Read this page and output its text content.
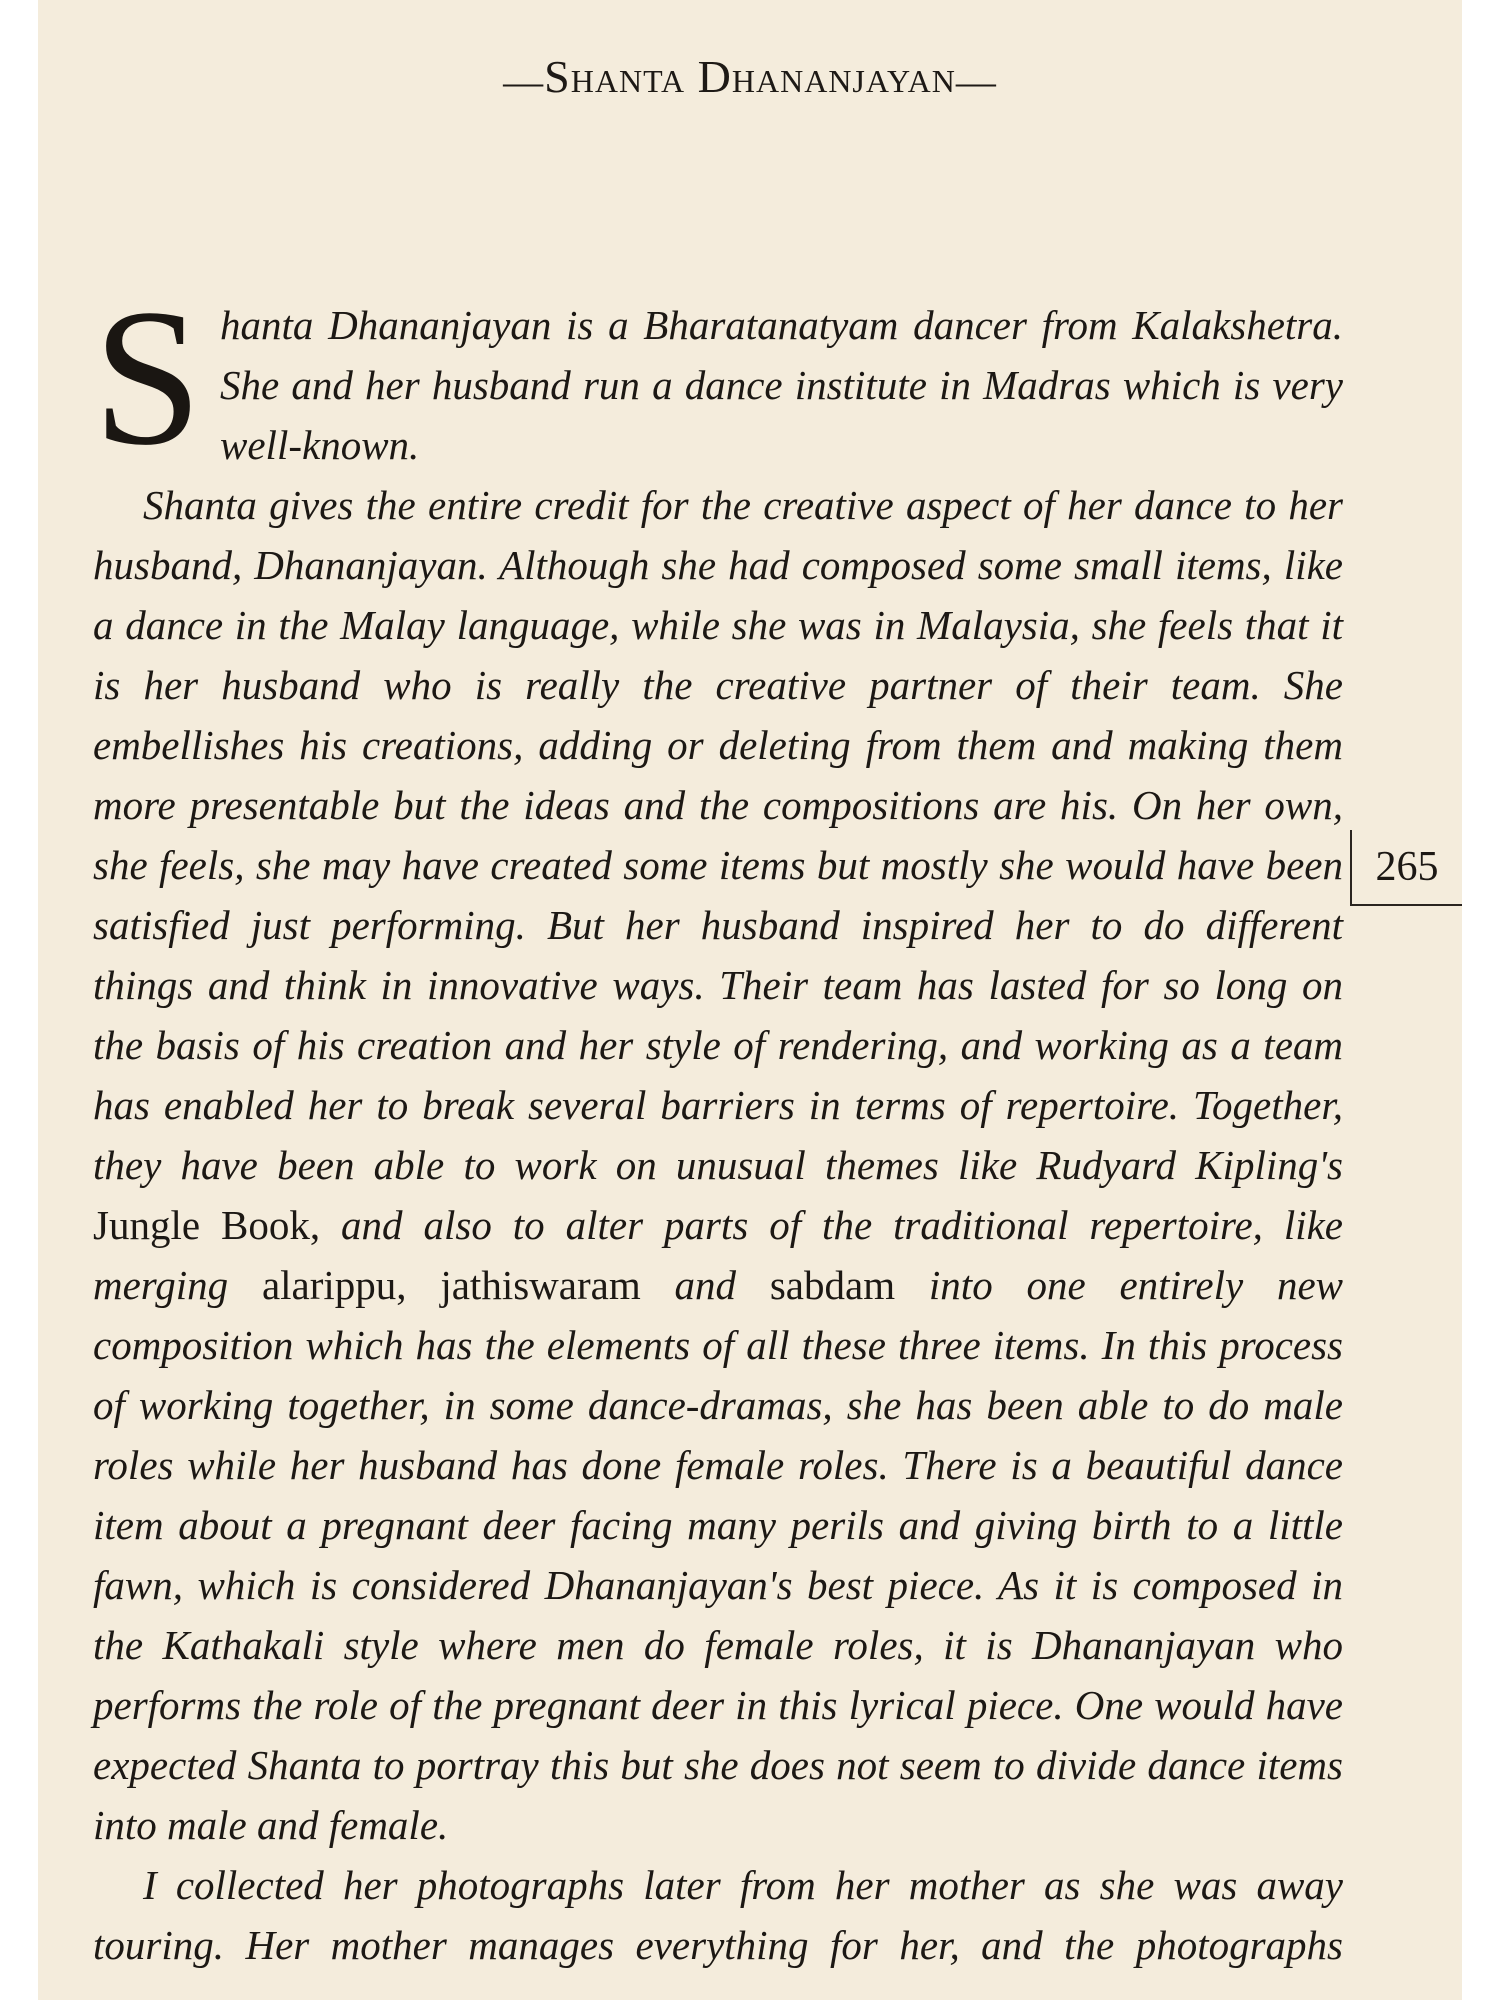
—Shanta Dhananjayan—
265

Shanta Dhananjayan is a Bharatanatyam dancer from Kalakshetra. She and her husband run a dance institute in Madras which is very well-known.

Shanta gives the entire credit for the creative aspect of her dance to her husband, Dhananjayan. Although she had composed some small items, like a dance in the Malay language, while she was in Malaysia, she feels that it is her husband who is really the creative partner of their team. She embellishes his creations, adding or deleting from them and making them more presentable but the ideas and the compositions are his. On her own, she feels, she may have created some items but mostly she would have been satisfied just performing. But her husband inspired her to do different things and think in innovative ways. Their team has lasted for so long on the basis of his creation and her style of rendering, and working as a team has enabled her to break several barriers in terms of repertoire. Together, they have been able to work on unusual themes like Rudyard Kipling's Jungle Book, and also to alter parts of the traditional repertoire, like merging alarippu, jathiswaram and sabdam into one entirely new composition which has the elements of all these three items. In this process of working together, in some dance-dramas, she has been able to do male roles while her husband has done female roles. There is a beautiful dance item about a pregnant deer facing many perils and giving birth to a little fawn, which is considered Dhananjayan's best piece. As it is composed in the Kathakali style where men do female roles, it is Dhananjayan who performs the role of the pregnant deer in this lyrical piece. One would have expected Shanta to portray this but she does not seem to divide dance items into male and female.

I collected her photographs later from her mother as she was away touring. Her mother manages everything for her, and the photographs
